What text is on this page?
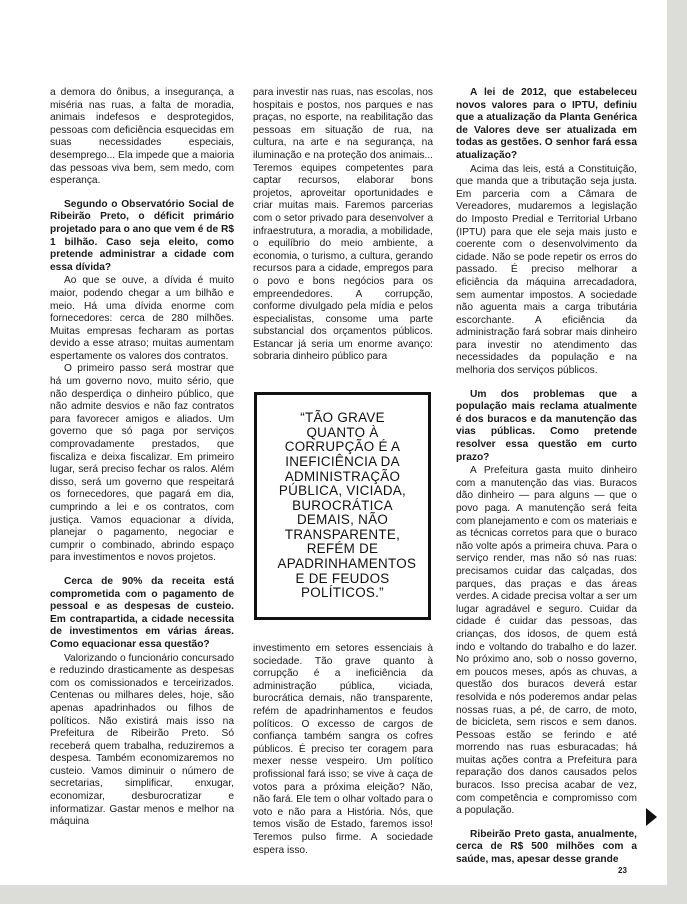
a demora do ônibus, a insegurança, a miséria nas ruas, a falta de moradia, animais indefesos e desprotegidos, pessoas com deficiência esquecidas em suas necessidades especiais, desemprego... Ela impede que a maioria das pessoas viva bem, sem medo, com esperança.

Segundo o Observatório Social de Ribeirão Preto, o déficit primário projetado para o ano que vem é de R$ 1 bilhão. Caso seja eleito, como pretende administrar a cidade com essa dívida?

Ao que se ouve, a dívida é muito maior, podendo chegar a um bilhão e meio. Há uma dívida enorme com fornecedores: cerca de 280 milhões. Muitas empresas fecharam as portas devido a esse atraso; muitas aumentam espertamente os valores dos contratos.

O primeiro passo será mostrar que há um governo novo, muito sério, que não desperdiça o dinheiro público, que não admite desvios e não faz contratos para favorecer amigos e aliados. Um governo que só paga por serviços comprovadamente prestados, que fiscaliza e deixa fiscalizar. Em primeiro lugar, será preciso fechar os ralos. Além disso, será um governo que respeitará os fornecedores, que pagará em dia, cumprindo a lei e os contratos, com justiça. Vamos equacionar a dívida, planejar o pagamento, negociar e cumprir o combinado, abrindo espaço para investimentos e novos projetos.

Cerca de 90% da receita está comprometida com o pagamento de pessoal e as despesas de custeio. Em contrapartida, a cidade necessita de investimentos em várias áreas. Como equacionar essa questão?

Valorizando o funcionário concursado e reduzindo drasticamente as despesas com os comissionados e terceirizados. Centenas ou milhares deles, hoje, são apenas apadrinhados ou filhos de políticos. Não existirá mais isso na Prefeitura de Ribeirão Preto. Só receberá quem trabalha, reduziremos a despesa. Também economizaremos no custeio. Vamos diminuir o número de secretarias, simplificar, enxugar, economizar, desburocratizar e informatizar. Gastar menos e melhor na máquina

para investir nas ruas, nas escolas, nos hospitais e postos, nos parques e nas praças, no esporte, na reabilitação das pessoas em situação de rua, na cultura, na arte e na segurança, na iluminação e na proteção dos animais... Teremos equipes competentes para captar recursos, elaborar bons projetos, aproveitar oportunidades e criar muitas mais. Faremos parcerias com o setor privado para desenvolver a infraestrutura, a moradia, a mobilidade, o equilíbrio do meio ambiente, a economia, o turismo, a cultura, gerando recursos para a cidade, empregos para o povo e bons negócios para os empreendedores. A corrupção, conforme divulgado pela mídia e pelos especialistas, consome uma parte substancial dos orçamentos públicos. Estancar já seria um enorme avanço: sobraria dinheiro público para

“TÃO GRAVE QUANTO À CORRUPÇÃO É A INEFICIÊNCIA DA ADMINISTRAÇÃO PÚBLICA, VICIADA, BUROCRÁTICA DEMAIS, NÃO TRANSPARENTE, REFÉM DE APADRINHAMENTOS E DE FEUDOS POLÍTICOS.”

investimento em setores essenciais à sociedade. Tão grave quanto à corrupção é a ineficiência da administração pública, viciada, burocrática demais, não transparente, refém de apadrinhamentos e feudos políticos. O excesso de cargos de confiança também sangra os cofres públicos. É preciso ter coragem para mexer nesse vespeiro. Um político profissional fará isso; se vive à caça de votos para a próxima eleição? Não, não fará. Ele tem o olhar voltado para o voto e não para a História. Nós, que temos visão de Estado, faremos isso! Teremos pulso firme. A sociedade espera isso.

A lei de 2012, que estabeleceu novos valores para o IPTU, definiu que a atualização da Planta Genérica de Valores deve ser atualizada em todas as gestões. O senhor fará essa atualização?

Acima das leis, está a Constituição, que manda que a tributação seja justa. Em parceria com a Câmara de Vereadores, mudaremos a legislação do Imposto Predial e Territorial Urbano (IPTU) para que ele seja mais justo e coerente com o desenvolvimento da cidade. Não se pode repetir os erros do passado. É preciso melhorar a eficiência da máquina arrecadadora, sem aumentar impostos. A sociedade não aguenta mais a carga tributária escorchante. A eficiência da administração fará sobrar mais dinheiro para investir no atendimento das necessidades da população e na melhoria dos serviços públicos.

Um dos problemas que a população mais reclama atualmente é dos buracos e da manutenção das vias públicas. Como pretende resolver essa questão em curto prazo?

A Prefeitura gasta muito dinheiro com a manutenção das vias. Buracos dão dinheiro — para alguns — que o povo paga. A manutenção será feita com planejamento e com os materiais e as técnicas corretos para que o buraco não volte após a primeira chuva. Para o serviço render, mas não só nas ruas: precisamos cuidar das calçadas, dos parques, das praças e das áreas verdes. A cidade precisa voltar a ser um lugar agradável e seguro. Cuidar da cidade é cuidar das pessoas, das crianças, dos idosos, de quem está indo e voltando do trabalho e do lazer. No próximo ano, sob o nosso governo, em poucos meses, após as chuvas, a questão dos buracos deverá estar resolvida e nós poderemos andar pelas nossas ruas, a pé, de carro, de moto, de bicicleta, sem riscos e sem danos. Pessoas estão se ferindo e até morrendo nas ruas esburacadas; há muitas ações contra a Prefeitura para reparação dos danos causados pelos buracos. Isso precisa acabar de vez, com competência e compromisso com a população.

Ribeirão Preto gasta, anualmente, cerca de R$ 500 milhões com a saúde, mas, apesar desse grande

23
